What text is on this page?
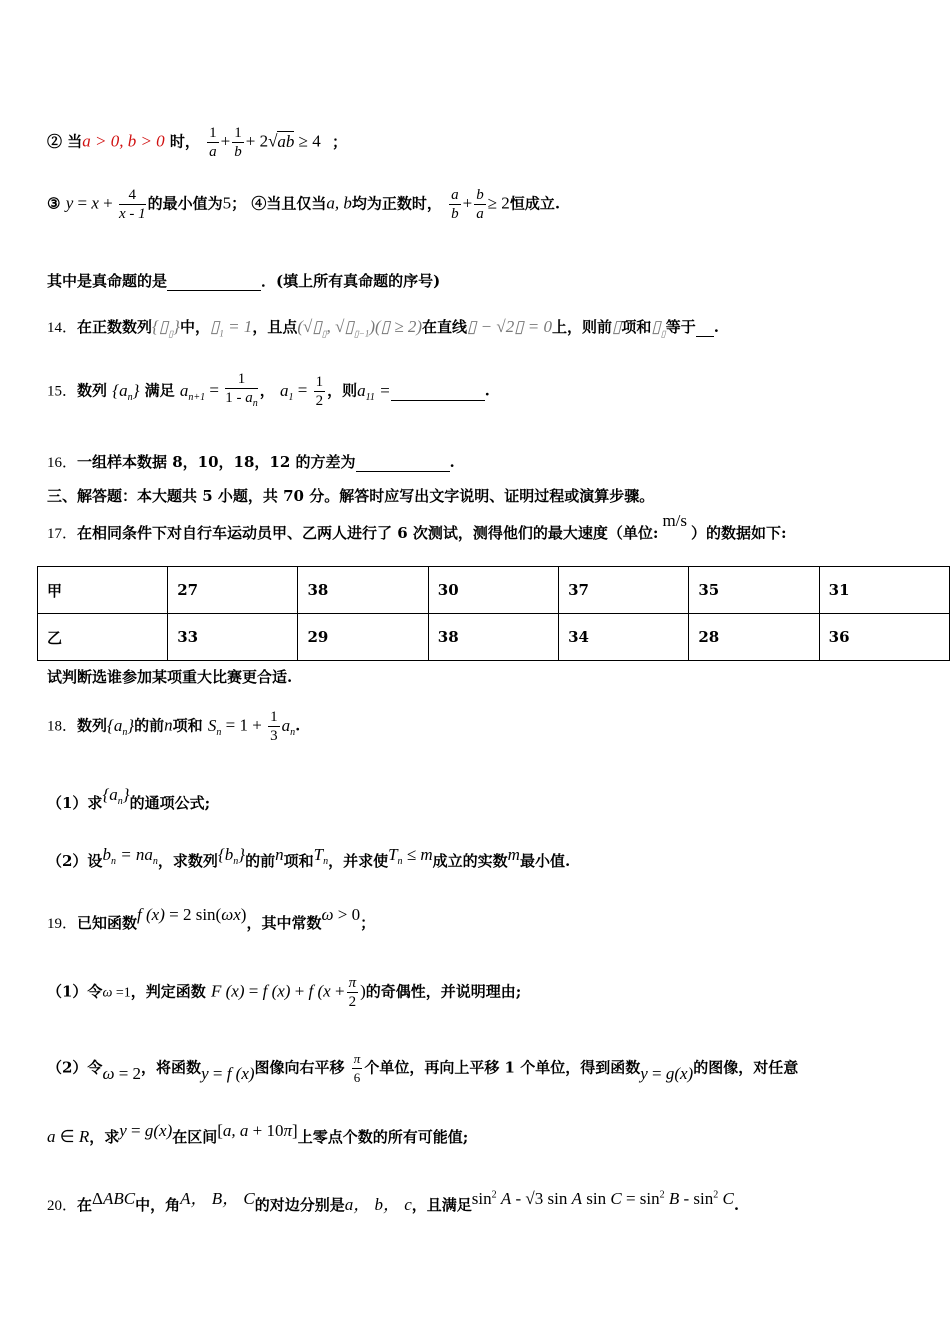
② 当a > 0, b > 0 时， $\frac{1}{a} + \frac{1}{b} + 2√ab \ge 4$ ；
③ $y = x + \frac{4}{x - 1}$ 的最小值为5； ④当且仅当a, b均为正数时， $\frac{a}{b} + \frac{b}{a} \ge 2$恒成立.
其中是真命题的是	．(填上所有真命题的序号)
14．在正数数列$\{▯_▯\}$中，$▯_1 = 1$，且点($√▯_▯$, $√▯_{▯-1})(▯ \ge 2)$在直线▯ − √2▯ = 0上，则前▯项和$▯_▯$等于 .
15．数列 $\{a_n\}$ 满足 $a_{n+1} = \frac{1}{1 - a_n}$ ， $a_1 = \frac{1}{2}$ ，则$a_{11}$ =	.
16．一组样本数据 8，10，18，12 的方差为	.
三、解答题：本大题共 5 小题，共 70 分。解答时应写出文字说明、证明过程或演算步骤。
17．在相同条件下对自行车运动员甲、乙两人进行了 6 次测试，测得他们的最大速度（单位:m/s）的数据如下:
甲	27	38	30	37	35	31
乙	33	29	38	34	28	36
试判断选谁参加某项重大比赛更合适.
18．数列$\{a_n\}$的前n项和 $S_n = 1 + \frac{1}{3} a_n$.
（1）求$\{a_n\}$的通项公式;
（2）设$b_n = na_n$，求数列$\{b_n\}$的前n项和$T_n$，并求使$T_n \le m$成立的实数m最小值.
19．已知函数f (x) = 2 sin(ωx)，其中常数ω > 0；
（1）令ω =1，判定函数 F (x) = f (x) + f ($x + \frac{\pi}{2}$ )的奇偶性，并说明理由;
（2）令ω = 2，将函数y = f (x)图像向右平移 $\frac{\pi}{6}$ 个单位，再向上平移 1 个单位，得到函数y = g(x)的图像，对任意
a ∈ R，求y = g(x)在区间[a, a + 10π]上零点个数的所有可能值;
20．在ΔABC中，角A， B， C的对边分别是a， b， c，且满足$\sin^2 A - √3$ sin A $\sin C = \sin^2 B - \sin^2 C$.
